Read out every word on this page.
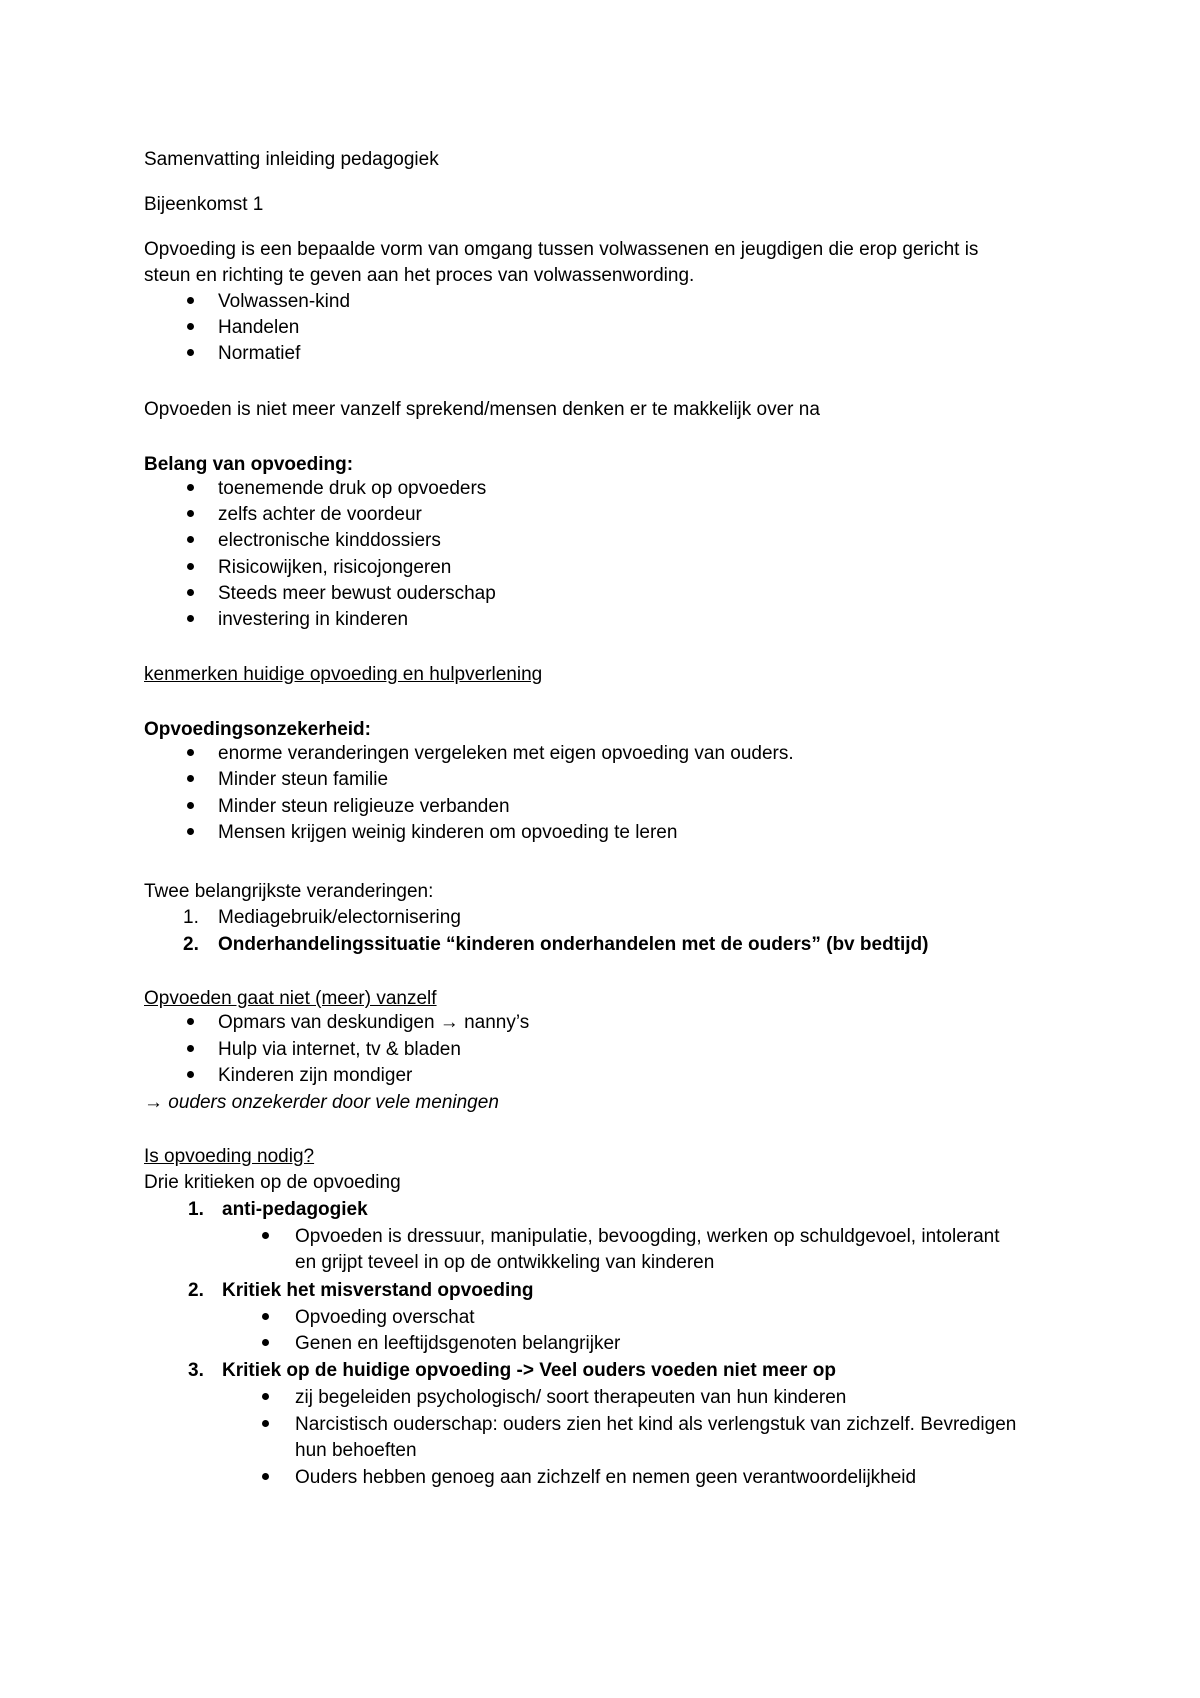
Samenvatting inleiding pedagogiek
Bijeenkomst 1
Opvoeding is een bepaalde vorm van omgang tussen volwassenen en jeugdigen die erop gericht is
steun en richting te geven aan het proces van volwassenwording.
Volwassen-kind
Handelen
Normatief
Opvoeden is niet meer vanzelf sprekend/mensen denken er te makkelijk over na
Belang van opvoeding:
toenemende druk op opvoeders
zelfs achter de voordeur
electronische kinddossiers
Risicowijken, risicojongeren
Steeds meer bewust ouderschap
investering in kinderen
kenmerken huidige opvoeding en hulpverlening
Opvoedingsonzekerheid:
enorme veranderingen vergeleken met eigen opvoeding van ouders.
Minder steun familie
Minder steun religieuze verbanden
Mensen krijgen weinig kinderen om opvoeding te leren
Twee belangrijkste veranderingen:
1. Mediagebruik/electornisering
2. Onderhandelingssituatie “kinderen onderhandelen met de ouders” (bv bedtijd)
Opvoeden gaat niet (meer) vanzelf
Opmars van deskundigen → nanny’s
Hulp via internet, tv & bladen
Kinderen zijn mondiger
→ ouders onzekerder door vele meningen
Is opvoeding nodig?
Drie kritieken op de opvoeding
1. anti-pedagogiek
Opvoeden is dressuur, manipulatie, bevoogding, werken op schuldgevoel, intolerant
en grijpt teveel in op de ontwikkeling van kinderen
2. Kritiek het misverstand opvoeding
Opvoeding overschat
Genen en leeftijdsgenoten belangrijker
3. Kritiek op de huidige opvoeding -> Veel ouders voeden niet meer op
zij begeleiden psychologisch/ soort therapeuten van hun kinderen
Narcistisch ouderschap: ouders zien het kind als verlengstuk van zichzelf. Bevredigen
hun behoeften
Ouders hebben genoeg aan zichzelf en nemen geen verantwoordelijkheid
